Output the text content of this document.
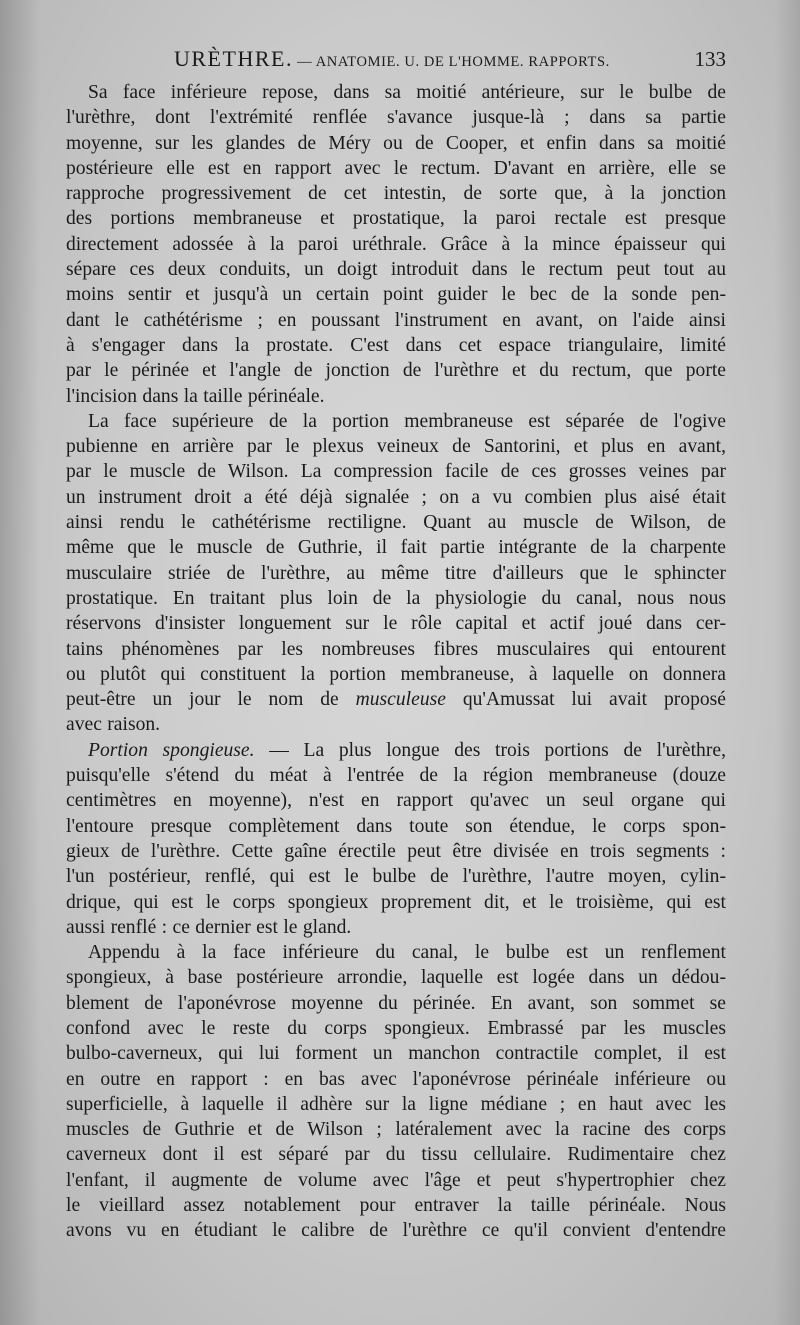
URÈTHRE. — ANATOMIE. U. DE L'HOMME. RAPPORTS.	133
Sa face inférieure repose, dans sa moitié antérieure, sur le bulbe de
l'urèthre, dont l'extrémité renflée s'avance jusque-là ; dans sa partie
moyenne, sur les glandes de Méry ou de Cooper, et enfin dans sa moitié
postérieure elle est en rapport avec le rectum. D'avant en arrière, elle se
rapproche progressivement de cet intestin, de sorte que, à la jonction
des portions membraneuse et prostatique, la paroi rectale est presque
directement adossée à la paroi uréthrale. Grâce à la mince épaisseur qui
sépare ces deux conduits, un doigt introduit dans le rectum peut tout au
moins sentir et jusqu'à un certain point guider le bec de la sonde pen-
dant le cathétérisme ; en poussant l'instrument en avant, on l'aide ainsi
à s'engager dans la prostate. C'est dans cet espace triangulaire, limité
par le périnée et l'angle de jonction de l'urèthre et du rectum, que porte
l'incision dans la taille périnéale.
La face supérieure de la portion membraneuse est séparée de l'ogive
pubienne en arrière par le plexus veineux de Santorini, et plus en avant,
par le muscle de Wilson. La compression facile de ces grosses veines par
un instrument droit a été déjà signalée ; on a vu combien plus aisé était
ainsi rendu le cathétérisme rectiligne. Quant au muscle de Wilson, de
même que le muscle de Guthrie, il fait partie intégrante de la charpente
musculaire striée de l'urèthre, au même titre d'ailleurs que le sphincter
prostatique. En traitant plus loin de la physiologie du canal, nous nous
réservons d'insister longuement sur le rôle capital et actif joué dans cer-
tains phénomènes par les nombreuses fibres musculaires qui entourent
ou plutôt qui constituent la portion membraneuse, à laquelle on donnera
peut-être un jour le nom de musculeuse qu'Amussat lui avait proposé
avec raison.
Portion spongieuse. — La plus longue des trois portions de l'urèthre,
puisqu'elle s'étend du méat à l'entrée de la région membraneuse (douze
centimètres en moyenne), n'est en rapport qu'avec un seul organe qui
l'entoure presque complètement dans toute son étendue, le corps spon-
gieux de l'urèthre. Cette gaîne érectile peut être divisée en trois segments :
l'un postérieur, renflé, qui est le bulbe de l'urèthre, l'autre moyen, cylin-
drique, qui est le corps spongieux proprement dit, et le troisième, qui est
aussi renflé : ce dernier est le gland.
Appendu à la face inférieure du canal, le bulbe est un renflement
spongieux, à base postérieure arrondie, laquelle est logée dans un dédou-
blement de l'aponévrose moyenne du périnée. En avant, son sommet se
confond avec le reste du corps spongieux. Embrassé par les muscles
bulbo-caverneux, qui lui forment un manchon contractile complet, il est
en outre en rapport : en bas avec l'aponévrose périnéale inférieure ou
superficielle, à laquelle il adhère sur la ligne médiane ; en haut avec les
muscles de Guthrie et de Wilson ; latéralement avec la racine des corps
caverneux dont il est séparé par du tissu cellulaire. Rudimentaire chez
l'enfant, il augmente de volume avec l'âge et peut s'hypertrophier chez
le vieillard assez notablement pour entraver la taille périnéale. Nous
avons vu en étudiant le calibre de l'urèthre ce qu'il convient d'entendre
